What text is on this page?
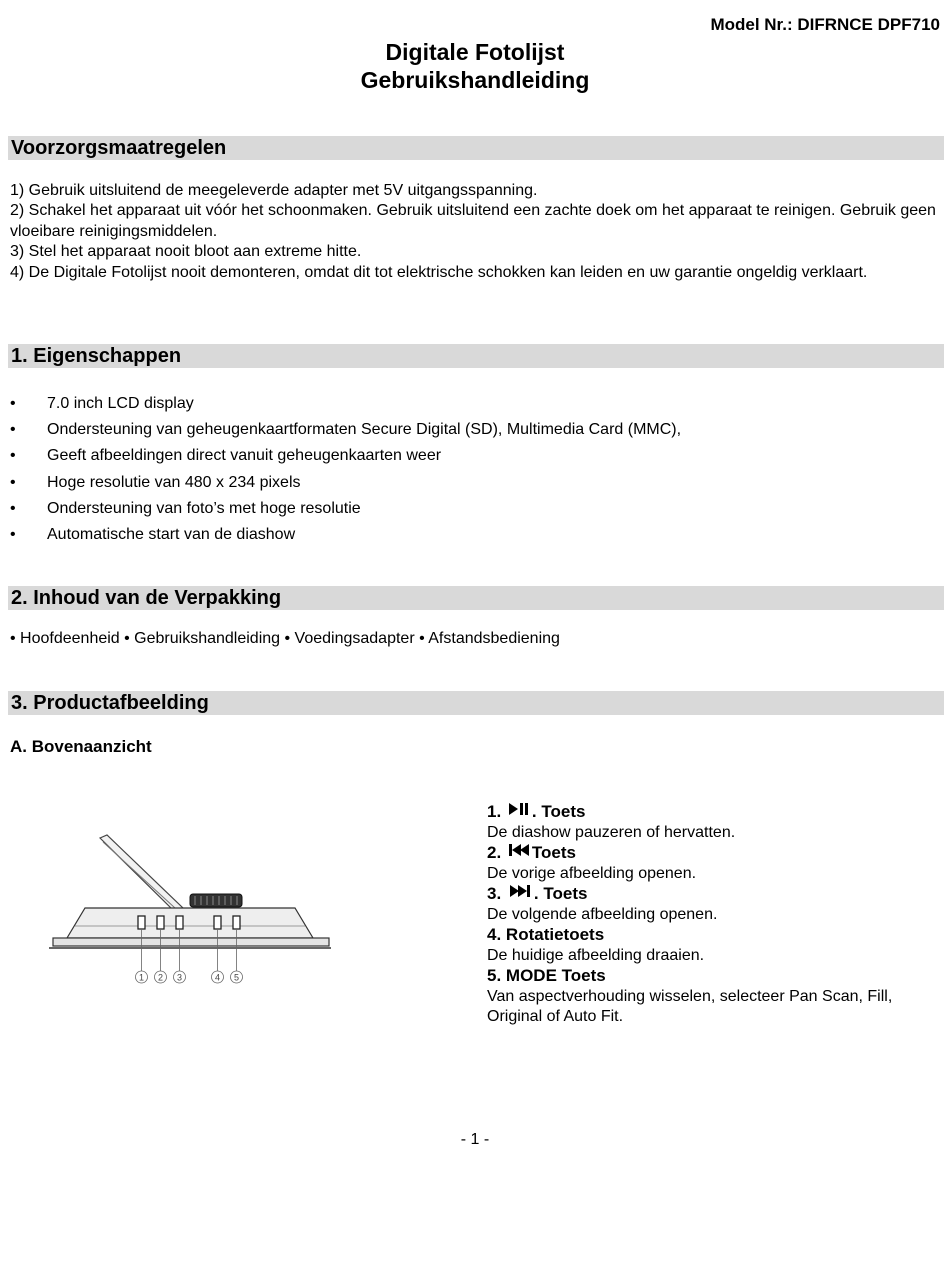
Model Nr.: DIFRNCE DPF710
Digitale Fotolijst
Gebruikshandleiding
Voorzorgsmaatregelen
1) Gebruik uitsluitend de meegeleverde adapter met 5V uitgangsspanning.
2) Schakel het apparaat uit vóór het schoonmaken. Gebruik uitsluitend een zachte doek om het apparaat te reinigen. Gebruik geen vloeibare reinigingsmiddelen.
3) Stel het apparaat nooit bloot aan extreme hitte.
4) De Digitale Fotolijst nooit demonteren, omdat dit tot elektrische schokken kan leiden en uw garantie ongeldig verklaart.
1. Eigenschappen
• 7.0 inch LCD display
• Ondersteuning van geheugenkaartformaten Secure Digital (SD), Multimedia Card (MMC),
• Geeft afbeeldingen direct vanuit geheugenkaarten weer
• Hoge resolutie van 480 x 234 pixels
• Ondersteuning van foto’s met hoge resolutie
• Automatische start van de diashow
2. Inhoud van de Verpakking
• Hoofdeenheid • Gebruikshandleiding • Voedingsadapter • Afstandsbediening
3. Productafbeelding
A. Bovenaanzicht
1 2 3	4 5
1. . Toets
De diashow pauzeren of hervatten.
2. Toets
De vorige afbeelding openen.
3. . Toets
De volgende afbeelding openen.
4. Rotatietoets
De huidige afbeelding draaien.
5. MODE Toets
Van aspectverhouding wisselen, selecteer Pan Scan, Fill, Original of Auto Fit.
- 1 -
